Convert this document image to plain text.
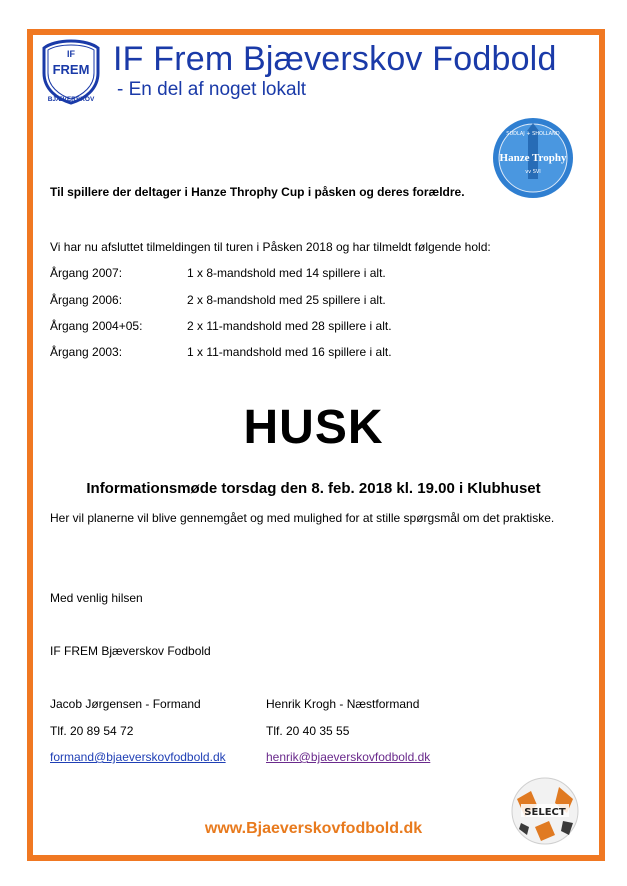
IF
FREM
BJÆVERSKOV
IF Frem Bjæverskov Fodbold
- En del af noget lokalt
SUDLAJ + SHOLLAND
Hanze Trophy
vv SVI
Til spillere der deltager i Hanze Throphy Cup i påsken og deres forældre.
Vi har nu afsluttet tilmeldingen til turen i Påsken 2018 og har tilmeldt følgende hold:
Årgang 2007:	1 x 8-mandshold med 14 spillere i alt.
Årgang 2006:	2 x 8-mandshold med 25 spillere i alt.
Årgang 2004+05:	2 x 11-mandshold med 28 spillere i alt.
Årgang 2003:	1 x 11-mandshold med 16 spillere i alt.
HUSK
Informationsmøde torsdag den 8. feb. 2018 kl. 19.00 i Klubhuset
Her vil planerne vil blive gennemgået og med mulighed for at stille spørgsmål om det praktiske.
Med venlig hilsen
IF FREM Bjæverskov Fodbold
Jacob Jørgensen - Formand	Henrik Krogh - Næstformand
Tlf. 20 89 54 72	Tlf. 20 40 35 55
formand@bjaeverskovfodbold.dk	henrik@bjaeverskovfodbold.dk
SELECT
www.Bjaeverskovfodbold.dk
